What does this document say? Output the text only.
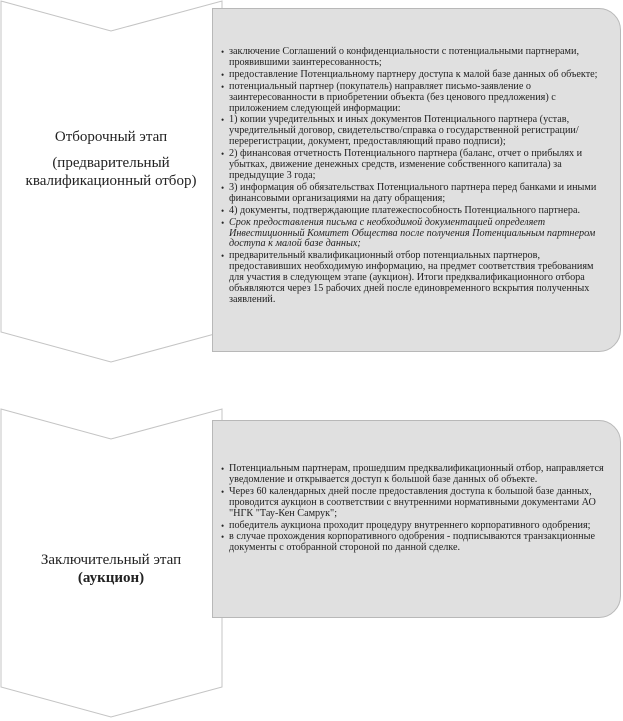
Отборочный этап
(предварительный
квалификационный отбор)
Заключительный этап
(аукцион)
• заключение Соглашений о конфиденциальности с потенциальными партнерами, проявившими заинтересованность;
• предоставление Потенциальному партнеру доступа к малой базе данных об объекте;
• потенциальный партнер (покупатель) направляет письмо-заявление о заинтересованности в приобретении объекта (без ценового предложения) с приложением следующей информации:
• 1) копии учредительных и иных документов Потенциального партнера (устав, учредительный договор, свидетельство/справка о государственной регистрации/перерегистрации, документ, предоставляющий право подписи);
• 2) финансовая отчетность Потенциального партнера (баланс, отчет о прибылях и убытках, движение денежных средств, изменение собственного капитала) за предыдущие 3 года;
• 3) информация об обязательствах Потенциального партнера перед банками и иными финансовыми организациями на дату обращения;
• 4) документы, подтверждающие платежеспособность Потенциального партнера.
• Срок предоставления письма с необходимой документацией определяет Инвестиционный Комитет Общества после получения Потенциальным партнером доступа к малой базе данных;
• предварительный квалификационный отбор потенциальных партнеров, предоставивших необходимую информацию, на предмет соответствия требованиям для участия в следующем этапе (аукцион). Итоги предквалификационного отбора объявляются через 15 рабочих дней после единовременного вскрытия полученных заявлений.
• Потенциальным партнерам, прошедшим предквалификационный отбор, направляется уведомление и открывается доступ к большой базе данных об объекте.
• Через 60 календарных дней после предоставления доступа к большой базе данных, проводится аукцион в соответствии с внутренними нормативными документами АО "НГК "Тау-Кен Самрук";
• победитель аукциона проходит процедуру внутреннего корпоративного одобрения;
• в случае прохождения корпоративного одобрения - подписываются транзакционные документы с отобранной стороной по данной сделке.
